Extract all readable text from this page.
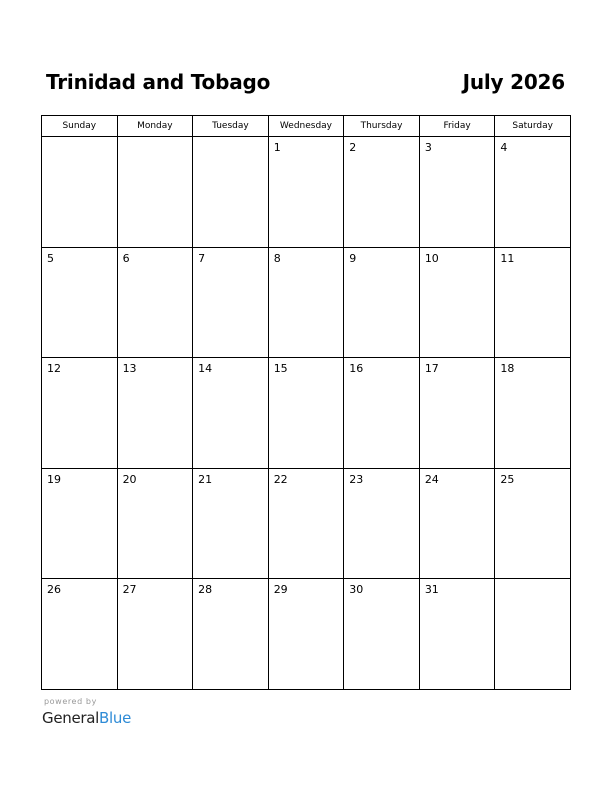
Trinidad and Tobago	July 2026
Sunday	Monday	Tuesday	Wednesday	Thursday	Friday	Saturday

			1	2	3	4

5	6	7	8	9	10	11

12	13	14	15	16	17	18

19	20	21	22	23	24	25

26	27	28	29	30	31	

powered by
GeneralBlue
